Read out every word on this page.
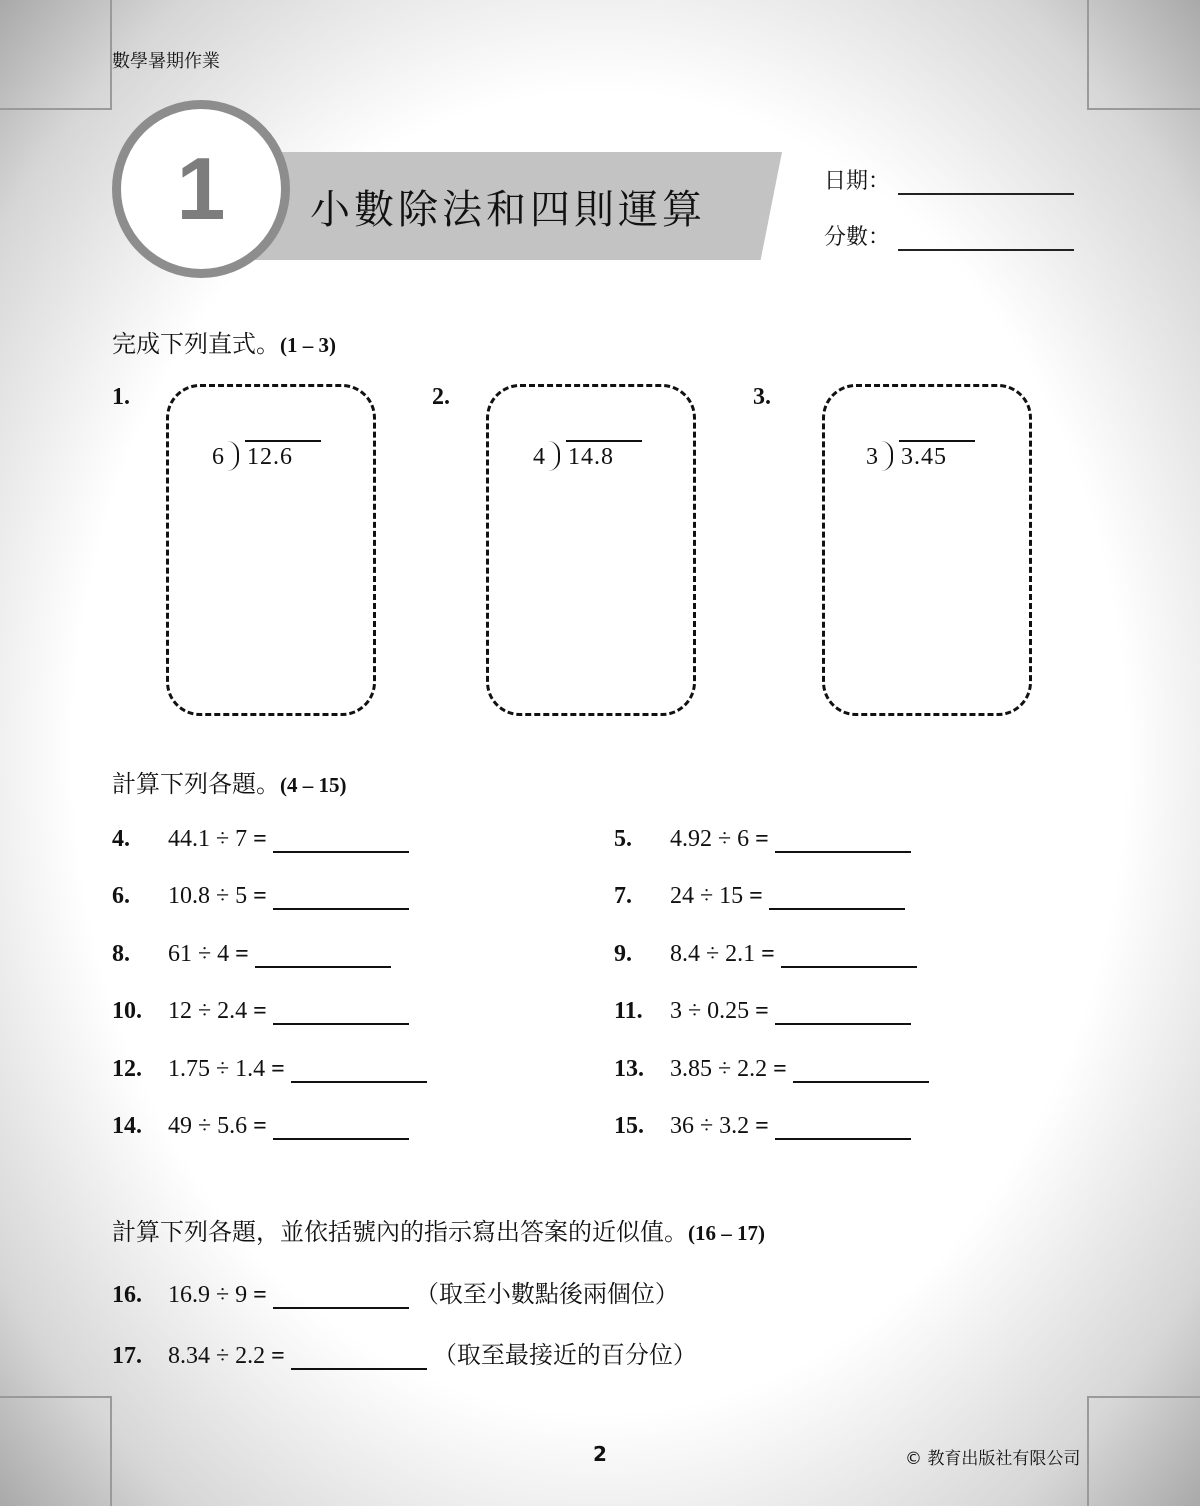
數學暑期作業
1	小數除法和四則運算
日期：
分數：
完成下列直式。(1 – 3)
1.
6 12.6
2.
4 14.8
3.
3 3.45
計算下列各題。(4 – 15)
4.	44.1 ÷ 7 =	5.	4.92 ÷ 6 =
6.	10.8 ÷ 5 =	7.	24 ÷ 15 =
8.	61 ÷ 4 =	9.	8.4 ÷ 2.1 =
10.	12 ÷ 2.4 =	11.	3 ÷ 0.25 =
12.	1.75 ÷ 1.4 =	13.	3.85 ÷ 2.2 =
14.	49 ÷ 5.6 =	15.	36 ÷ 3.2 =
計算下列各題，並依括號內的指示寫出答案的近似值。(16 – 17)
16.	16.9 ÷ 9 =	（取至小數點後兩個位）
17.	8.34 ÷ 2.2 =	（取至最接近的百分位）
2	© 教育出版社有限公司
